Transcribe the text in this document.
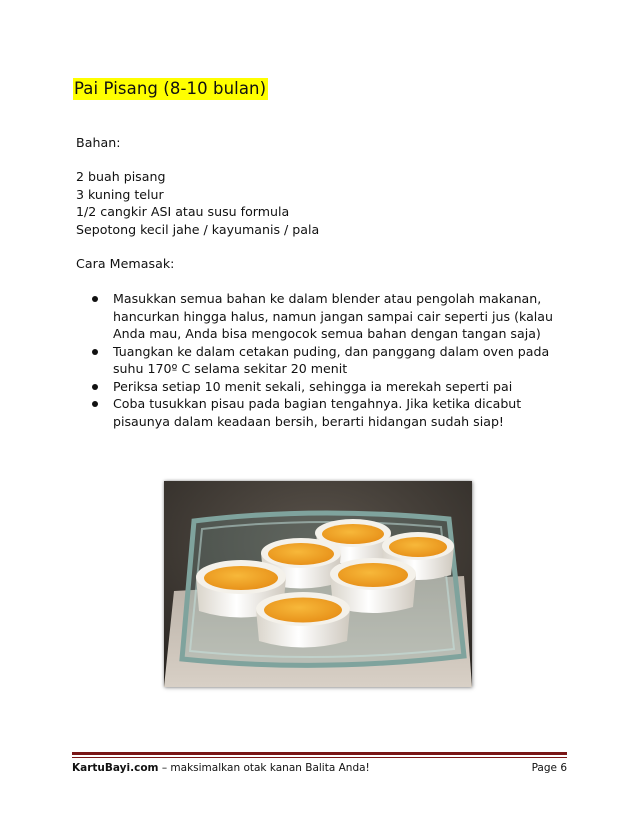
Pai Pisang (8-10 bulan)
Bahan:
2 buah pisang
3 kuning telur
1/2 cangkir ASI atau susu formula
Sepotong kecil jahe / kayumanis / pala
Cara Memasak:
Masukkan semua bahan ke dalam blender atau pengolah makanan, hancurkan hingga halus, namun jangan sampai cair seperti jus (kalau Anda mau, Anda bisa mengocok semua bahan dengan tangan saja)
Tuangkan ke dalam cetakan puding, dan panggang dalam oven pada suhu 170º C selama sekitar 20 menit
Periksa setiap 10 menit sekali, sehingga ia merekah seperti pai
Coba tusukkan pisau pada bagian tengahnya. Jika ketika dicabut pisaunya dalam keadaan bersih, berarti hidangan sudah siap!
KartuBayi.com – maksimalkan otak kanan Balita Anda!	Page 6
